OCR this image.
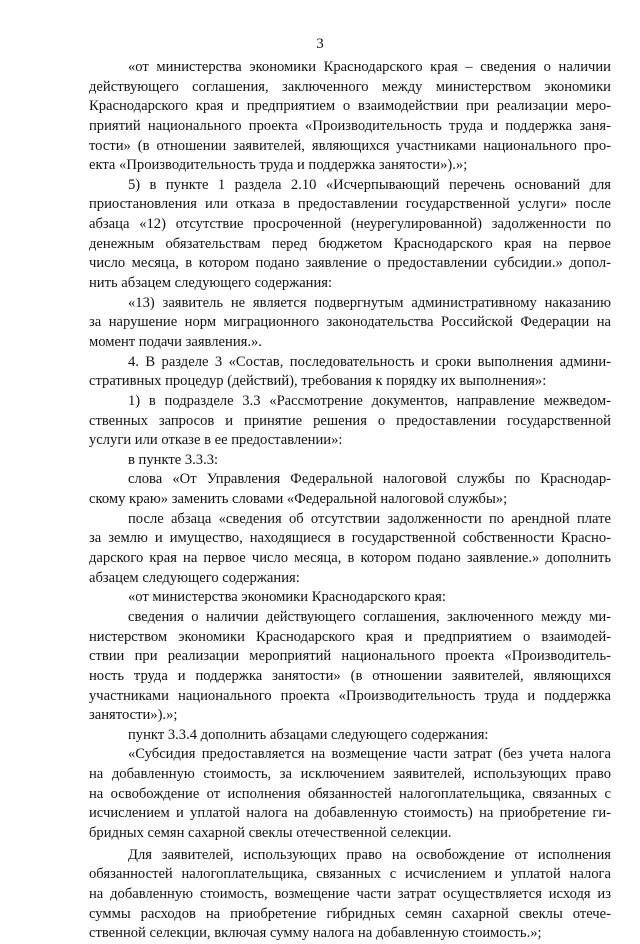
3
«от министерства экономики Краснодарского края – сведения о наличии
действующего соглашения, заключенного между министерством экономики
Краснодарского края и предприятием о взаимодействии при реализации меро-
приятий национального проекта «Производительность труда и поддержка заня-
тости» (в отношении заявителей, являющихся участниками национального про-
екта «Производительность труда и поддержка занятости»).»;
5) в пункте 1 раздела 2.10 «Исчерпывающий перечень оснований для
приостановления или отказа в предоставлении государственной услуги» после
абзаца «12) отсутствие просроченной (неурегулированной) задолженности по
денежным обязательствам перед бюджетом Краснодарского края на первое
число месяца, в котором подано заявление о предоставлении субсидии.» допол-
нить абзацем следующего содержания:
«13) заявитель не является подвергнутым административному наказанию
за нарушение норм миграционного законодательства Российской Федерации на
момент подачи заявления.».
4. В разделе 3 «Состав, последовательность и сроки выполнения админи-
стративных процедур (действий), требования к порядку их выполнения»:
1) в подразделе 3.3 «Рассмотрение документов, направление межведом-
ственных запросов и принятие решения о предоставлении государственной
услуги или отказе в ее предоставлении»:
в пункте 3.3.3:
слова «От Управления Федеральной налоговой службы по Краснодар-
скому краю» заменить словами «Федеральной налоговой службы»;
после абзаца «сведения об отсутствии задолженности по арендной плате
за землю и имущество, находящиеся в государственной собственности Красно-
дарского края на первое число месяца, в котором подано заявление.» дополнить
абзацем следующего содержания:
«от министерства экономики Краснодарского края:
сведения о наличии действующего соглашения, заключенного между ми-
нистерством экономики Краснодарского края и предприятием о взаимодей-
ствии при реализации мероприятий национального проекта «Производитель-
ность труда и поддержка занятости» (в отношении заявителей, являющихся
участниками национального проекта «Производительность труда и поддержка
занятости»).»;
пункт 3.3.4 дополнить абзацами следующего содержания:
«Субсидия предоставляется на возмещение части затрат (без учета налога
на добавленную стоимость, за исключением заявителей, использующих право
на освобождение от исполнения обязанностей налогоплательщика, связанных с
исчислением и уплатой налога на добавленную стоимость) на приобретение ги-
бридных семян сахарной свеклы отечественной селекции.
Для заявителей, использующих право на освобождение от исполнения
обязанностей налогоплательщика, связанных с исчислением и уплатой налога
на добавленную стоимость, возмещение части затрат осуществляется исходя из
суммы расходов на приобретение гибридных семян сахарной свеклы отече-
ственной селекции, включая сумму налога на добавленную стоимость.»;
